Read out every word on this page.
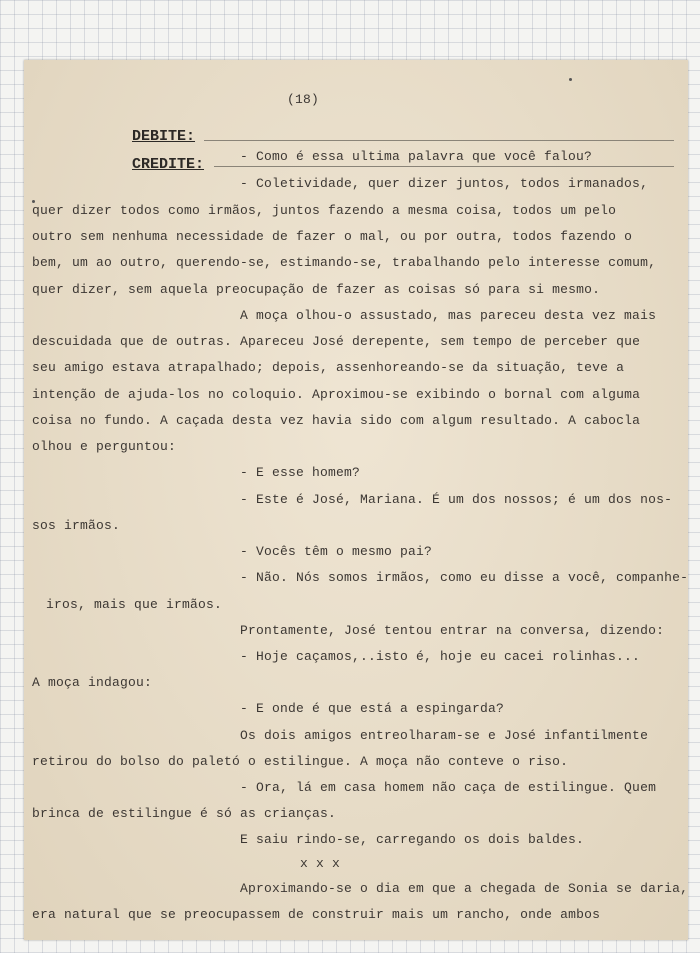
(18)
DEBITE:
CREDITE:	- Como é essa ultima palavra que você falou?
- Coletividade, quer dizer juntos, todos irmanados,
quer dizer todos como irmãos, juntos fazendo a mesma coisa, todos um pelo
outro sem nenhuma necessidade de fazer o mal, ou por outra, todos fazendo o
bem, um ao outro, querendo-se, estimando-se, trabalhando pelo interesse comum,
quer dizer, sem aquela preocupação de fazer as coisas só para si mesmo.
A moça olhou-o assustado, mas pareceu desta vez mais
descuidada que de outras. Apareceu José derepente, sem tempo de perceber que
seu amigo estava atrapalhado; depois, assenhoreando-se da situação, teve a
intenção de ajuda-los no coloquio. Aproximou-se exibindo o bornal com alguma
coisa no fundo. A caçada desta vez havia sido com algum resultado. A cabocla
olhou e perguntou:
- E esse homem?
- Este é José, Mariana. É um dos nossos; é um dos nos-
sos irmãos.
- Vocês têm o mesmo pai?
- Não. Nós somos irmãos, como eu disse a você, companhe-
iros, mais que irmãos.
Prontamente, José tentou entrar na conversa, dizendo:
- Hoje caçamos,..isto é, hoje eu cacei rolinhas...
A moça indagou:
- E onde é que está a espingarda?
Os dois amigos entreolharam-se e José infantilmente
retirou do bolso do paletó o estilingue. A moça não conteve o riso.
- Ora, lá em casa homem não caça de estilingue. Quem
brinca de estilingue é só as crianças.
E saiu rindo-se, carregando os dois baldes.
x x x
Aproximando-se o dia em que a chegada de Sonia se daria,
era natural que se preocupassem de construir mais um rancho, onde ambos
